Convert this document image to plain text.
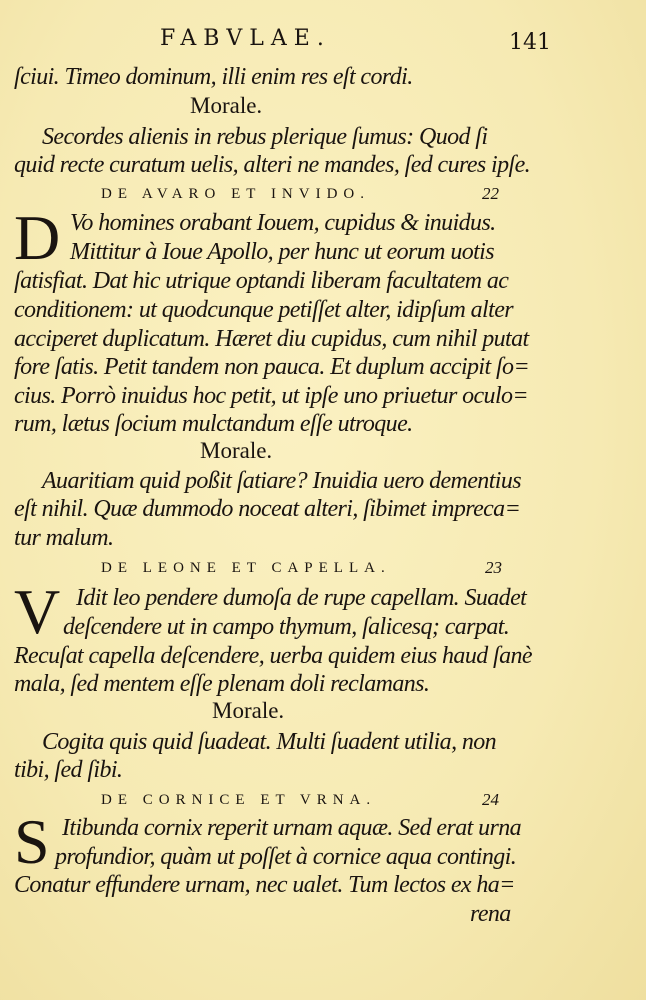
FABVLAE.	141
ſciui. Timeo dominum, illi enim res eſt cordi.
Morale.
Secordes alienis in rebus plerique ſumus: Quod ſi
quid recte curatum uelis, alteri ne mandes, ſed cures ipſe.
DE AVARO ET INVIDO.	22
D Vo homines orabant Iouem, cupidus & inuidus.
Mittitur à Ioue Apollo, per hunc ut eorum uotis
ſatisfiat. Dat hic utrique optandi liberam facultatem ac
conditionem: ut quodcunque petiſſet alter, idipſum alter
acciperet duplicatum. Hæret diu cupidus, cum nihil putat
fore ſatis. Petit tandem non pauca. Et duplum accipit ſo=
cius. Porrò inuidus hoc petit, ut ipſe uno priuetur oculo=
rum, lætus ſocium mulctandum eſſe utroque.
Morale.
Auaritiam quid poßit ſatiare? Inuidia uero dementius
eſt nihil. Quæ dummodo noceat alteri, ſibimet impreca=
tur malum.
DE LEONE ET CAPELLA.	23
V Idit leo pendere dumoſa de rupe capellam. Suadet
deſcendere ut in campo thymum, ſalicesq; carpat.
Recuſat capella deſcendere, uerba quidem eius haud ſanè
mala, ſed mentem eſſe plenam doli reclamans.
Morale.
Cogita quis quid ſuadeat. Multi ſuadent utilia, non
tibi, ſed ſibi.
DE CORNICE ET VRNA.	24
S Itibunda cornix reperit urnam aquæ. Sed erat urna
profundior, quàm ut poſſet à cornice aqua contingi.
Conatur effundere urnam, nec ualet. Tum lectos ex ha=
rena
